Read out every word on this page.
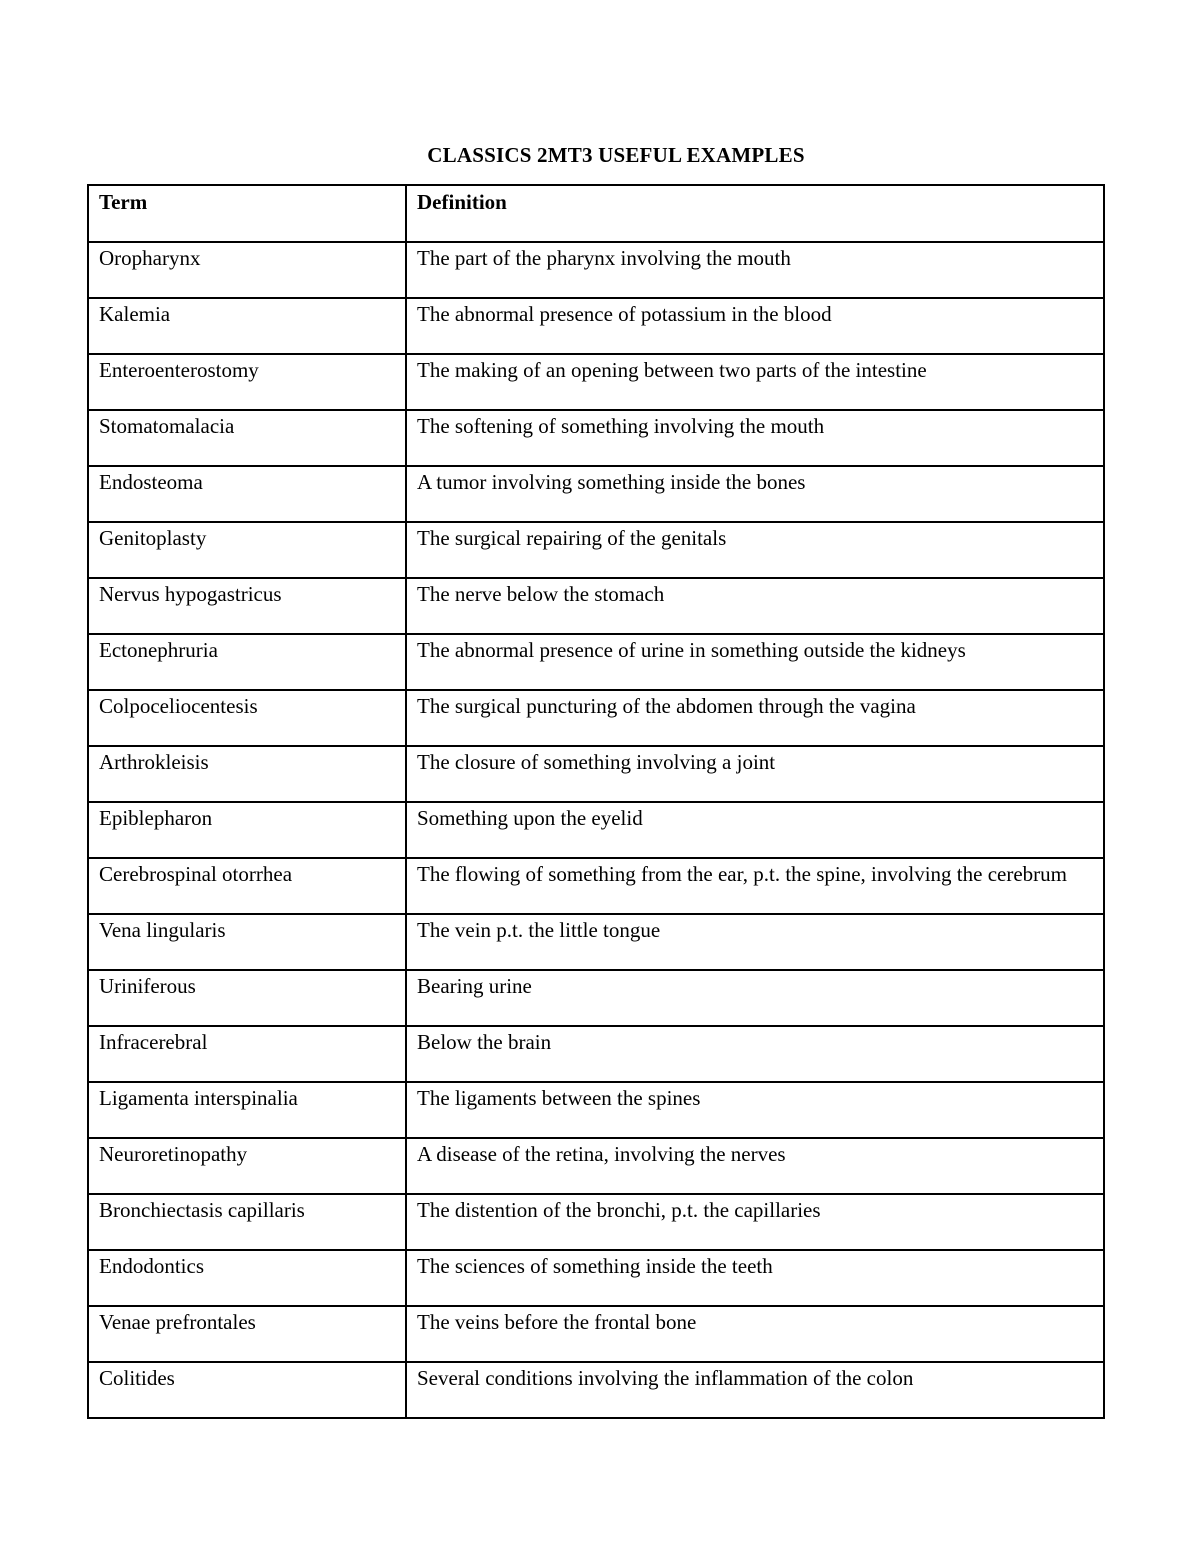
CLASSICS 2MT3 USEFUL EXAMPLES
Term	Definition
Oropharynx	The part of the pharynx involving the mouth
Kalemia	The abnormal presence of potassium in the blood
Enteroenterostomy	The making of an opening between two parts of the intestine
Stomatomalacia	The softening of something involving the mouth
Endosteoma	A tumor involving something inside the bones
Genitoplasty	The surgical repairing of the genitals
Nervus hypogastricus	The nerve below the stomach
Ectonephruria	The abnormal presence of urine in something outside the kidneys
Colpoceliocentesis	The surgical puncturing of the abdomen through the vagina
Arthrokleisis	The closure of something involving a joint
Epiblepharon	Something upon the eyelid
Cerebrospinal otorrhea	The flowing of something from the ear, p.t. the spine, involving the cerebrum
Vena lingularis	The vein p.t. the little tongue
Uriniferous	Bearing urine
Infracerebral	Below the brain
Ligamenta interspinalia	The ligaments between the spines
Neuroretinopathy	A disease of the retina, involving the nerves
Bronchiectasis capillaris	The distention of the bronchi, p.t. the capillaries
Endodontics	The sciences of something inside the teeth
Venae prefrontales	The veins before the frontal bone
Colitides	Several conditions involving the inflammation of the colon
